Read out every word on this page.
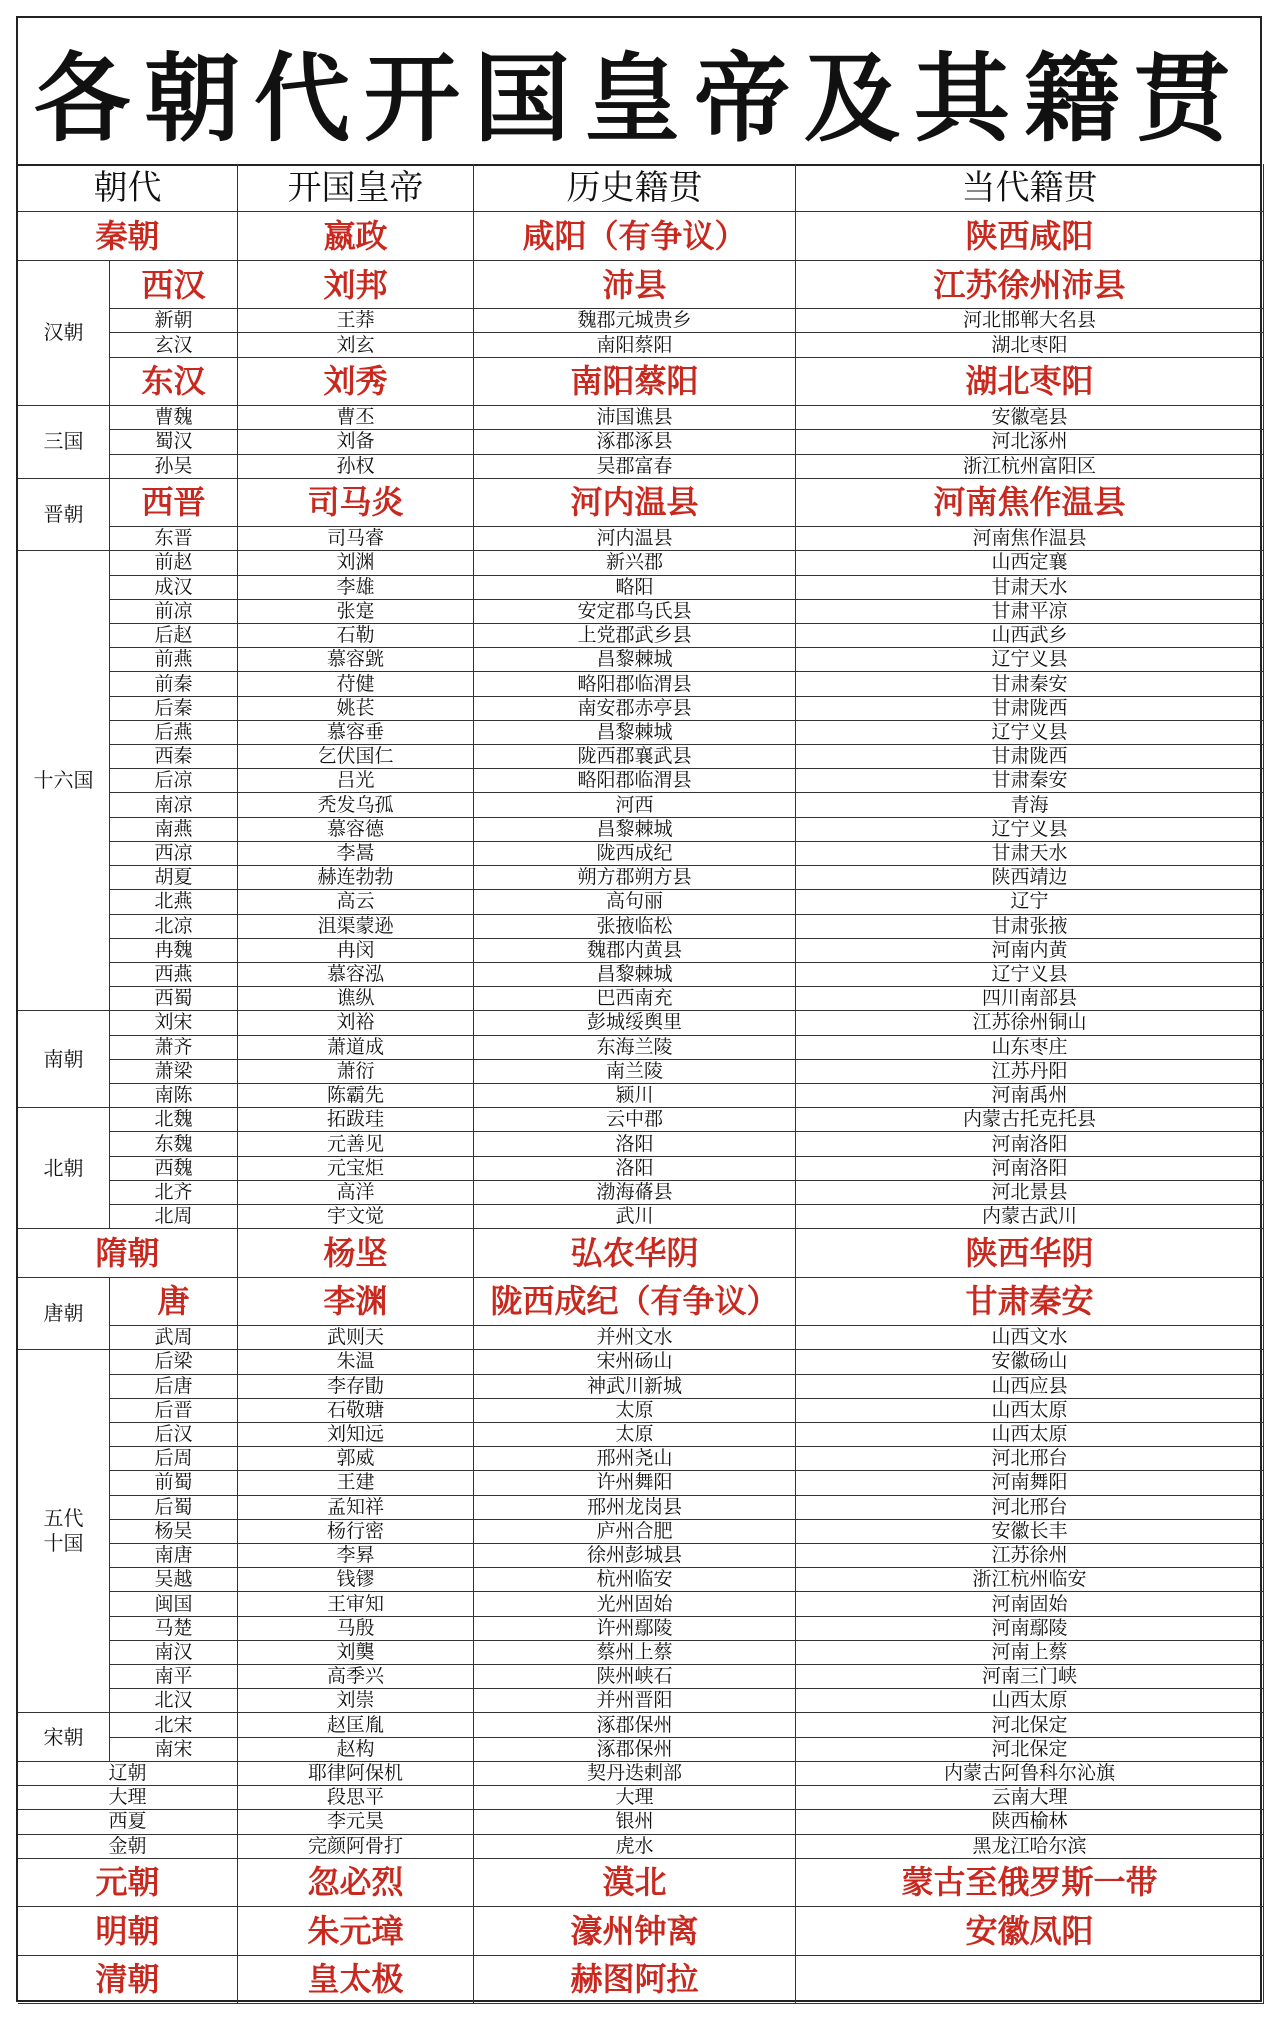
各朝代开国皇帝及其籍贯
朝代	开国皇帝	历史籍贯	当代籍贯
秦朝	嬴政	咸阳（有争议）	陕西咸阳
西汉	刘邦	沛县	江苏徐州沛县
新朝	王莽	魏郡元城贵乡	河北邯郸大名县
玄汉	刘玄	南阳蔡阳	湖北枣阳
东汉	刘秀	南阳蔡阳	湖北枣阳
汉朝
曹魏	曹丕	沛国谯县	安徽亳县
蜀汉	刘备	涿郡涿县	河北涿州
孙吴	孙权	吴郡富春	浙江杭州富阳区
三国
西晋	司马炎	河内温县	河南焦作温县
东晋	司马睿	河内温县	河南焦作温县
晋朝
前赵	刘渊	新兴郡	山西定襄
成汉	李雄	略阳	甘肃天水
前凉	张寔	安定郡乌氏县	甘肃平凉
后赵	石勒	上党郡武乡县	山西武乡
前燕	慕容皝	昌黎棘城	辽宁义县
前秦	苻健	略阳郡临渭县	甘肃秦安
后秦	姚苌	南安郡赤亭县	甘肃陇西
后燕	慕容垂	昌黎棘城	辽宁义县
西秦	乞伏国仁	陇西郡襄武县	甘肃陇西
后凉	吕光	略阳郡临渭县	甘肃秦安
南凉	秃发乌孤	河西	青海
南燕	慕容德	昌黎棘城	辽宁义县
西凉	李暠	陇西成纪	甘肃天水
胡夏	赫连勃勃	朔方郡朔方县	陕西靖边
北燕	高云	高句丽	辽宁
北凉	沮渠蒙逊	张掖临松	甘肃张掖
冉魏	冉闵	魏郡内黄县	河南内黄
西燕	慕容泓	昌黎棘城	辽宁义县
西蜀	谯纵	巴西南充	四川南部县
十六国
刘宋	刘裕	彭城绥舆里	江苏徐州铜山
萧齐	萧道成	东海兰陵	山东枣庄
萧梁	萧衍	南兰陵	江苏丹阳
南陈	陈霸先	颍川	河南禹州
南朝
北魏	拓跋珪	云中郡	内蒙古托克托县
东魏	元善见	洛阳	河南洛阳
西魏	元宝炬	洛阳	河南洛阳
北齐	高洋	渤海蓨县	河北景县
北周	宇文觉	武川	内蒙古武川
北朝
隋朝	杨坚	弘农华阴	陕西华阴
唐	李渊	陇西成纪（有争议）	甘肃秦安
武周	武则天	并州文水	山西文水
唐朝
后梁	朱温	宋州砀山	安徽砀山
后唐	李存勖	神武川新城	山西应县
后晋	石敬瑭	太原	山西太原
后汉	刘知远	太原	山西太原
后周	郭威	邢州尧山	河北邢台
前蜀	王建	许州舞阳	河南舞阳
后蜀	孟知祥	邢州龙岗县	河北邢台
杨吴	杨行密	庐州合肥	安徽长丰
南唐	李昪	徐州彭城县	江苏徐州
吴越	钱镠	杭州临安	浙江杭州临安
闽国	王审知	光州固始	河南固始
马楚	马殷	许州鄢陵	河南鄢陵
南汉	刘龑	蔡州上蔡	河南上蔡
南平	高季兴	陕州峡石	河南三门峡
北汉	刘崇	并州晋阳	山西太原
五代十国
北宋	赵匡胤	涿郡保州	河北保定
南宋	赵构	涿郡保州	河北保定
宋朝
辽朝	耶律阿保机	契丹迭剌部	内蒙古阿鲁科尔沁旗
大理	段思平	大理	云南大理
西夏	李元昊	银州	陕西榆林
金朝	完颜阿骨打	虎水	黑龙江哈尔滨
元朝	忽必烈	漠北	蒙古至俄罗斯一带
明朝	朱元璋	濠州钟离	安徽凤阳
清朝	皇太极	赫图阿拉
